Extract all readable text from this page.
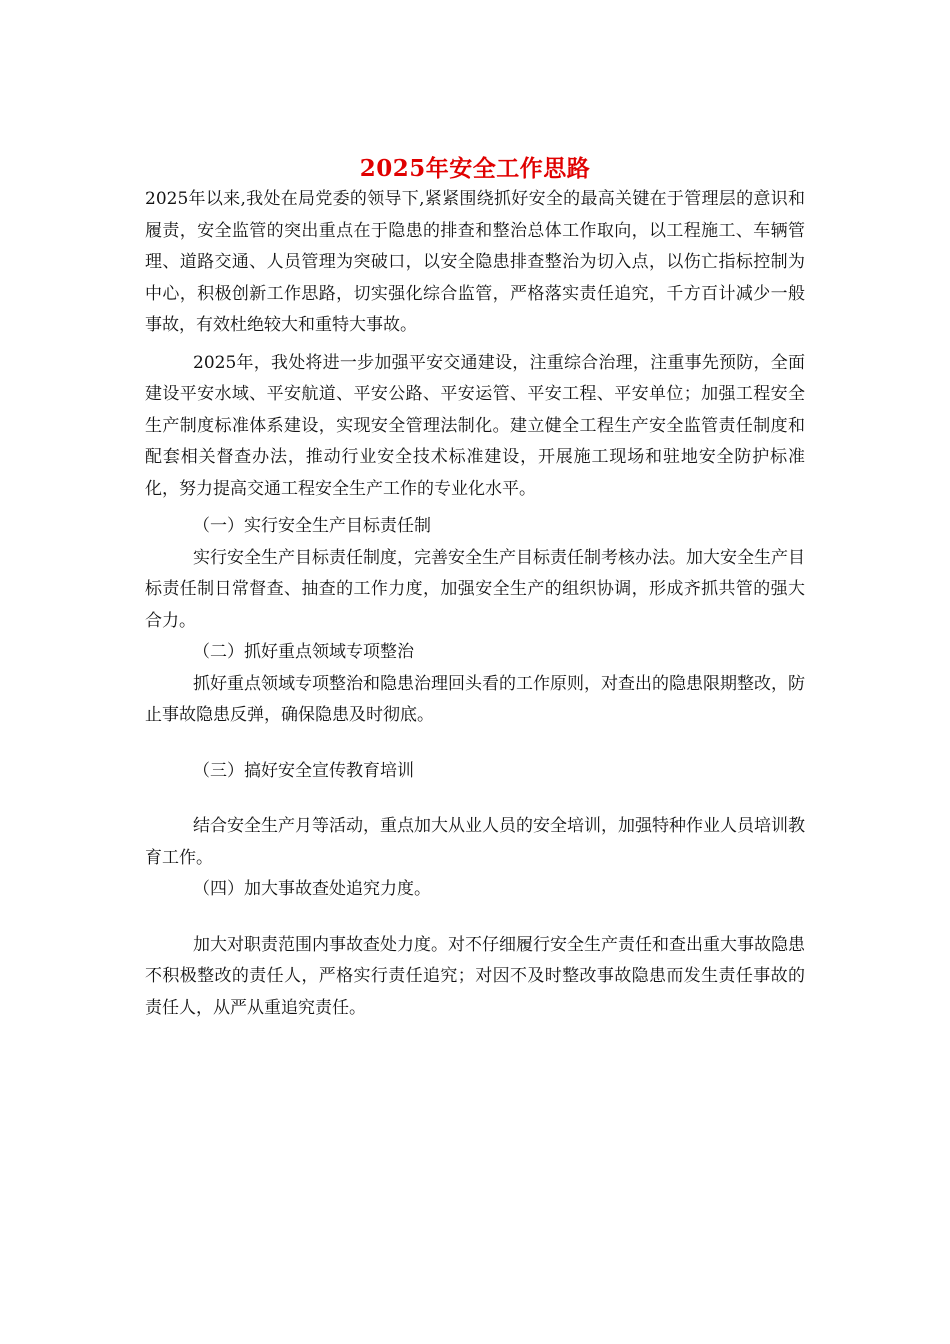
2025年安全工作思路

2025年以来,我处在局党委的领导下,紧紧围绕抓好安全的最高关键在于管理层的意识和履责，安全监管的突出重点在于隐患的排查和整治总体工作取向，以工程施工、车辆管理、道路交通、人员管理为突破口，以安全隐患排查整治为切入点，以伤亡指标控制为中心，积极创新工作思路，切实强化综合监管，严格落实责任追究，千方百计减少一般事故，有效杜绝较大和重特大事故。

2025年，我处将进一步加强平安交通建设，注重综合治理，注重事先预防，全面建设平安水域、平安航道、平安公路、平安运管、平安工程、平安单位；加强工程安全生产制度标准体系建设，实现安全管理法制化。建立健全工程生产安全监管责任制度和配套相关督查办法，推动行业安全技术标准建设，开展施工现场和驻地安全防护标准化，努力提高交通工程安全生产工作的专业化水平。

（一）实行安全生产目标责任制

实行安全生产目标责任制度，完善安全生产目标责任制考核办法。加大安全生产目标责任制日常督查、抽查的工作力度，加强安全生产的组织协调，形成齐抓共管的强大合力。

（二）抓好重点领域专项整治

抓好重点领域专项整治和隐患治理回头看的工作原则，对查出的隐患限期整改，防止事故隐患反弹，确保隐患及时彻底。

（三）搞好安全宣传教育培训

结合安全生产月等活动，重点加大从业人员的安全培训，加强特种作业人员培训教育工作。

（四）加大事故查处追究力度。

加大对职责范围内事故查处力度。对不仔细履行安全生产责任和查出重大事故隐患不积极整改的责任人，严格实行责任追究；对因不及时整改事故隐患而发生责任事故的责任人，从严从重追究责任。
